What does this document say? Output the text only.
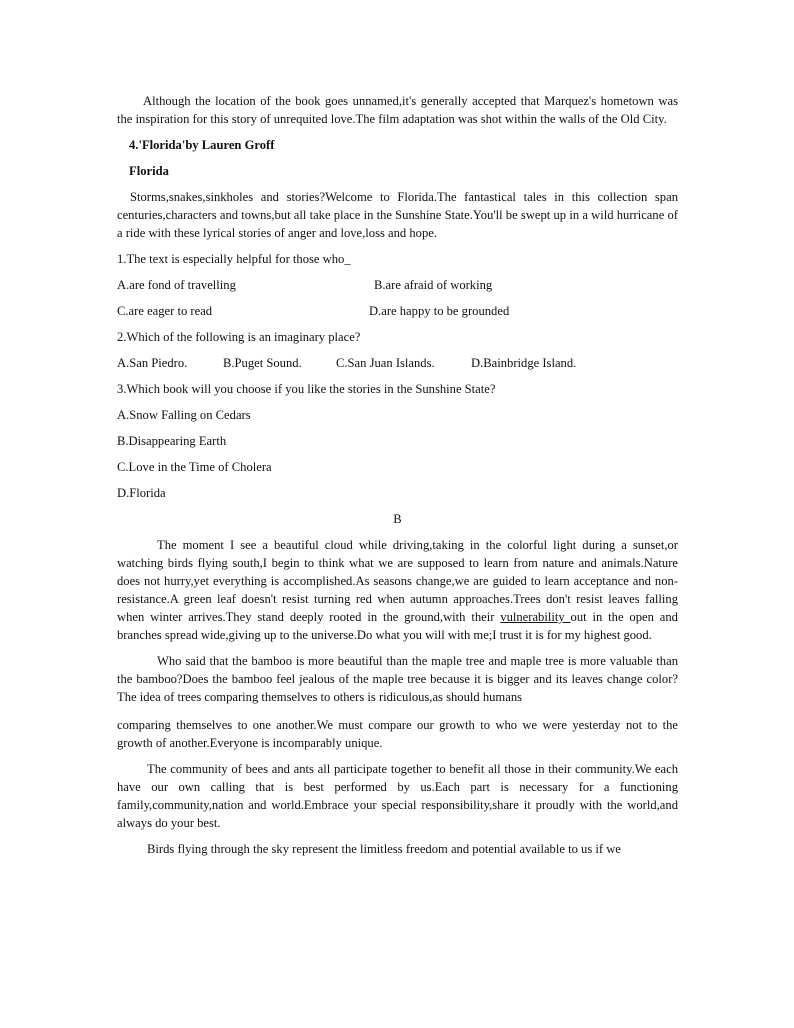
Although the location of the book goes unnamed,it's generally accepted that Marquez's hometown was the inspiration for this story of unrequited love.The film adaptation was shot within the walls of the Old City.

4.'Florida'by Lauren Groff

Florida

Storms,snakes,sinkholes and stories?Welcome to Florida.The fantastical tales in this collection span centuries,characters and towns,but all take place in the Sunshine State.You'll be swept up in a wild hurricane of a ride with these lyrical stories of anger and love,loss and hope.

1.The text is especially helpful for those who_

A.are fond of travelling	B.are afraid of working
C.are eager to read	D.are happy to be grounded

2.Which of the following is an imaginary place?

A.San Piedro.	B.Puget Sound.	C.San Juan Islands.	D.Bainbridge Island.

3.Which book will you choose if you like the stories in the Sunshine State?

A.Snow Falling on Cedars

B.Disappearing Earth

C.Love in the Time of Cholera

D.Florida

B

The moment I see a beautiful cloud while driving,taking in the colorful light during a sunset,or watching birds flying south,I begin to think what we are supposed to learn from nature and animals.Nature does not hurry,yet everything is accomplished.As seasons change,we are guided to learn acceptance and non-resistance.A green leaf doesn't resist turning red when autumn approaches.Trees don't resist leaves falling when winter arrives.They stand deeply rooted in the ground,with their vulnerability out in the open and branches spread wide,giving up to the universe.Do what you will with me;I trust it is for my highest good.

Who said that the bamboo is more beautiful than the maple tree and maple tree is more valuable than the bamboo?Does the bamboo feel jealous of the maple tree because it is bigger and its leaves change color?The idea of trees comparing themselves to others is ridiculous,as should humans

comparing themselves to one another.We must compare our growth to who we were yesterday not to the growth of another.Everyone is incomparably unique.

The community of bees and ants all participate together to benefit all those in their community.We each have our own calling that is best performed by us.Each part is necessary for a functioning family,community,nation and world.Embrace your special responsibility,share it proudly with the world,and always do your best.

Birds flying through the sky represent the limitless freedom and potential available to us if we
